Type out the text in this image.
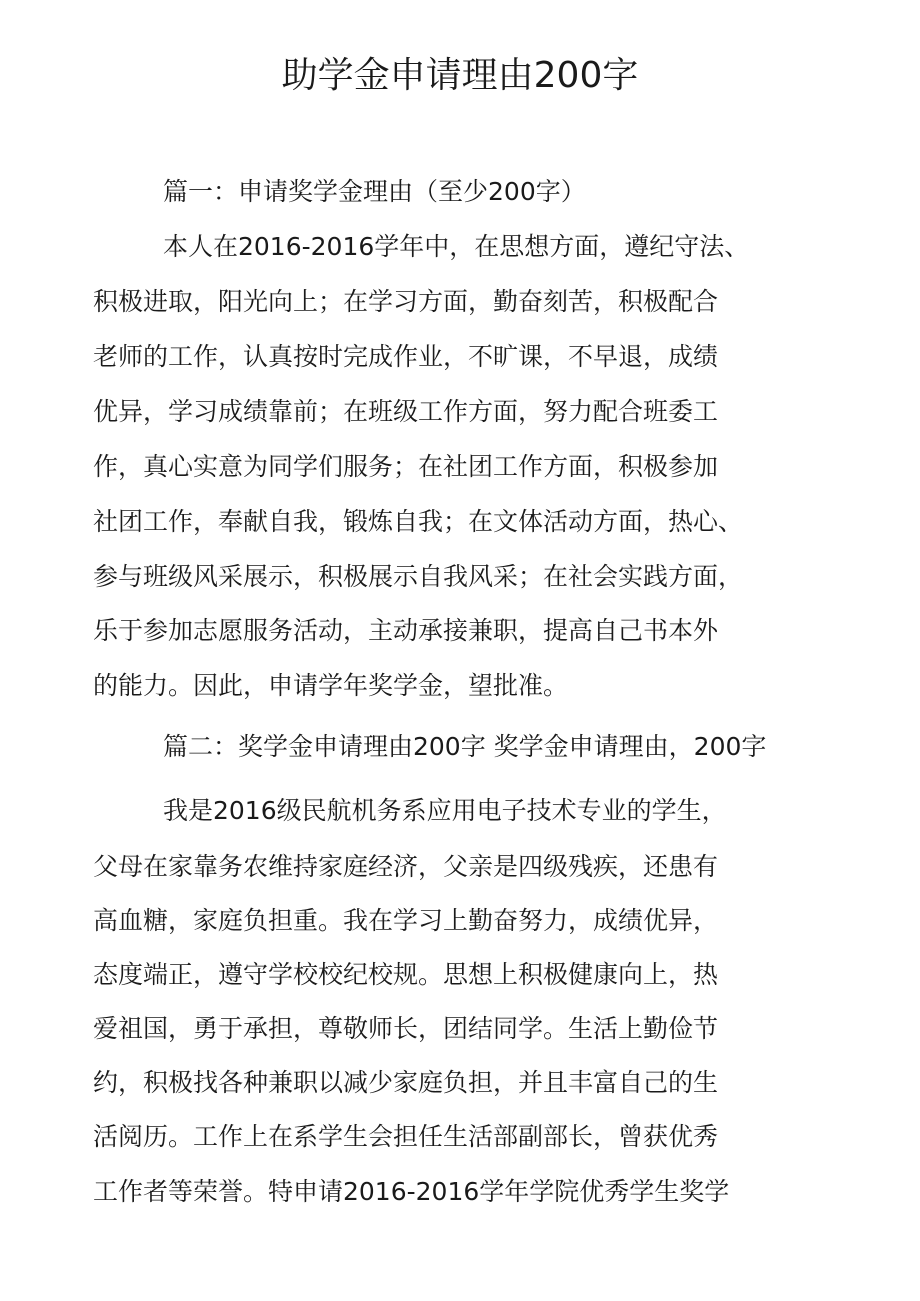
助学金申请理由200字
篇一：申请奖学金理由（至少200字）
本人在2016-2016学年中，在思想方面，遵纪守法、
积极进取，阳光向上；在学习方面，勤奋刻苦，积极配合
老师的工作，认真按时完成作业，不旷课，不早退，成绩
优异，学习成绩靠前；在班级工作方面，努力配合班委工
作，真心实意为同学们服务；在社团工作方面，积极参加
社团工作，奉献自我，锻炼自我；在文体活动方面，热心、
参与班级风采展示，积极展示自我风采；在社会实践方面，
乐于参加志愿服务活动，主动承接兼职，提高自己书本外
的能力。因此，申请学年奖学金，望批准。
篇二：奖学金申请理由200字 奖学金申请理由，200字
我是2016级民航机务系应用电子技术专业的学生，
父母在家靠务农维持家庭经济，父亲是四级残疾，还患有
高血糖，家庭负担重。我在学习上勤奋努力，成绩优异，
态度端正，遵守学校校纪校规。思想上积极健康向上，热
爱祖国，勇于承担，尊敬师长，团结同学。生活上勤俭节
约，积极找各种兼职以减少家庭负担，并且丰富自己的生
活阅历。工作上在系学生会担任生活部副部长，曾获优秀
工作者等荣誉。特申请2016-2016学年学院优秀学生奖学
